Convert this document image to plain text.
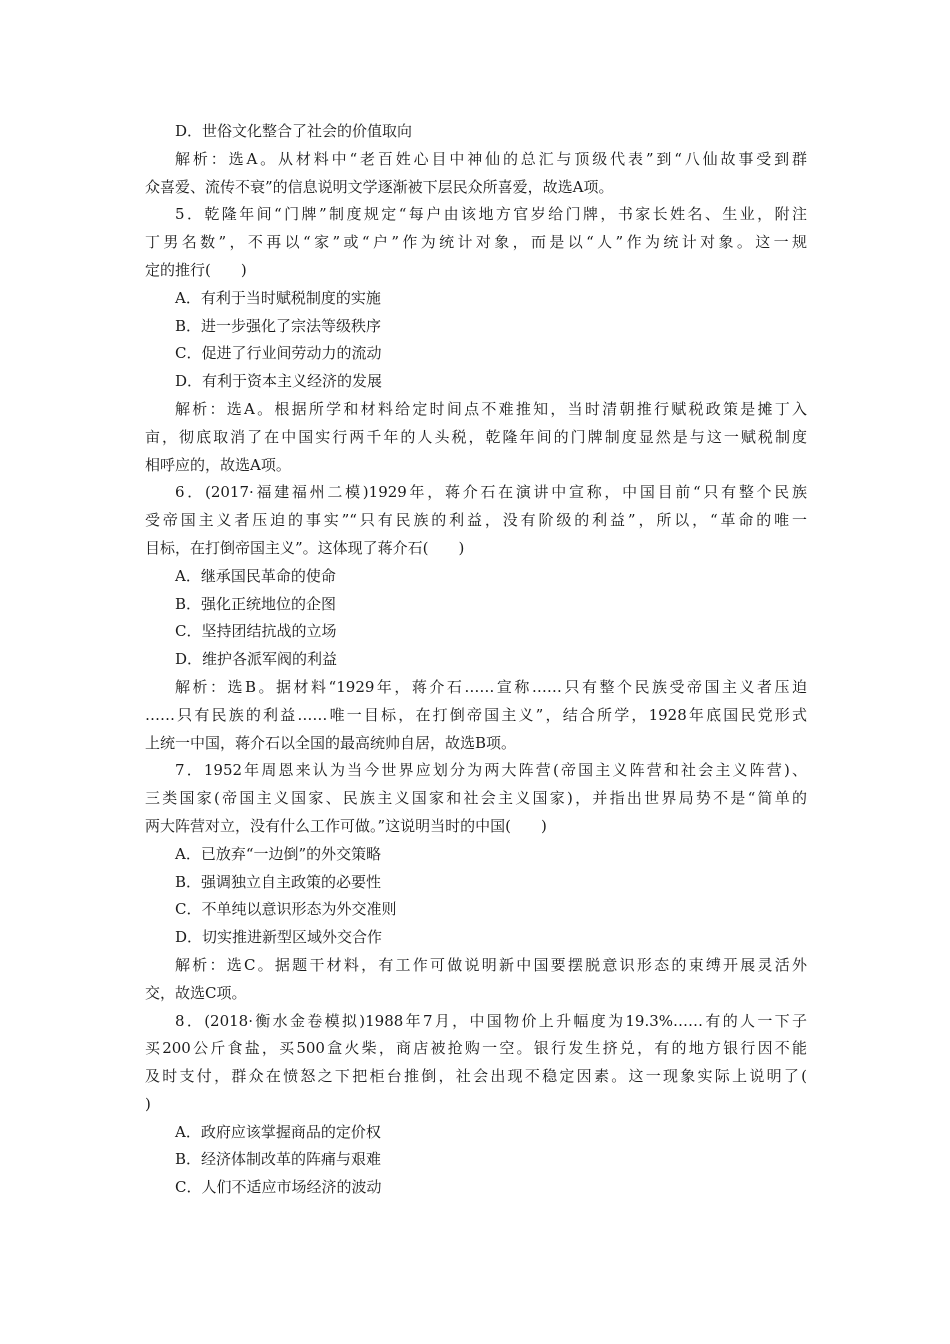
D．世俗文化整合了社会的价值取向
解析：选A。从材料中“老百姓心目中神仙的总汇与顶级代表”到“八仙故事受到群
众喜爱、流传不衰”的信息说明文学逐渐被下层民众所喜爱，故选A项。
5．乾隆年间“门牌”制度规定“每户由该地方官岁给门牌，书家长姓名、生业，附注
丁男名数”，不再以“家”或“户”作为统计对象，而是以“人”作为统计对象。这一规
定的推行(　　)
A．有利于当时赋税制度的实施
B．进一步强化了宗法等级秩序
C．促进了行业间劳动力的流动
D．有利于资本主义经济的发展
解析：选A。根据所学和材料给定时间点不难推知，当时清朝推行赋税政策是摊丁入
亩，彻底取消了在中国实行两千年的人头税，乾隆年间的门牌制度显然是与这一赋税制度
相呼应的，故选A项。
6．(2017·福建福州二模)1929年，蒋介石在演讲中宣称，中国目前“只有整个民族
受帝国主义者压迫的事实”“只有民族的利益，没有阶级的利益”，所以，“革命的唯一
目标，在打倒帝国主义”。这体现了蒋介石(　　)
A．继承国民革命的使命
B．强化正统地位的企图
C．坚持团结抗战的立场
D．维护各派军阀的利益
解析：选B。据材料“1929年，蒋介石……宣称……只有整个民族受帝国主义者压迫
……只有民族的利益……唯一目标，在打倒帝国主义”，结合所学，1928年底国民党形式
上统一中国，蒋介石以全国的最高统帅自居，故选B项。
7．1952年周恩来认为当今世界应划分为两大阵营(帝国主义阵营和社会主义阵营)、
三类国家(帝国主义国家、民族主义国家和社会主义国家)，并指出世界局势不是“简单的
两大阵营对立，没有什么工作可做。”这说明当时的中国(　　)
A．已放弃“一边倒”的外交策略
B．强调独立自主政策的必要性
C．不单纯以意识形态为外交准则
D．切实推进新型区域外交合作
解析：选C。据题干材料，有工作可做说明新中国要摆脱意识形态的束缚开展灵活外
交，故选C项。
8．(2018·衡水金卷模拟)1988年7月，中国物价上升幅度为19.3%……有的人一下子
买200公斤食盐，买500盒火柴，商店被抢购一空。银行发生挤兑，有的地方银行因不能
及时支付，群众在愤怒之下把柜台推倒，社会出现不稳定因素。这一现象实际上说明了(
)
A．政府应该掌握商品的定价权
B．经济体制改革的阵痛与艰难
C．人们不适应市场经济的波动
